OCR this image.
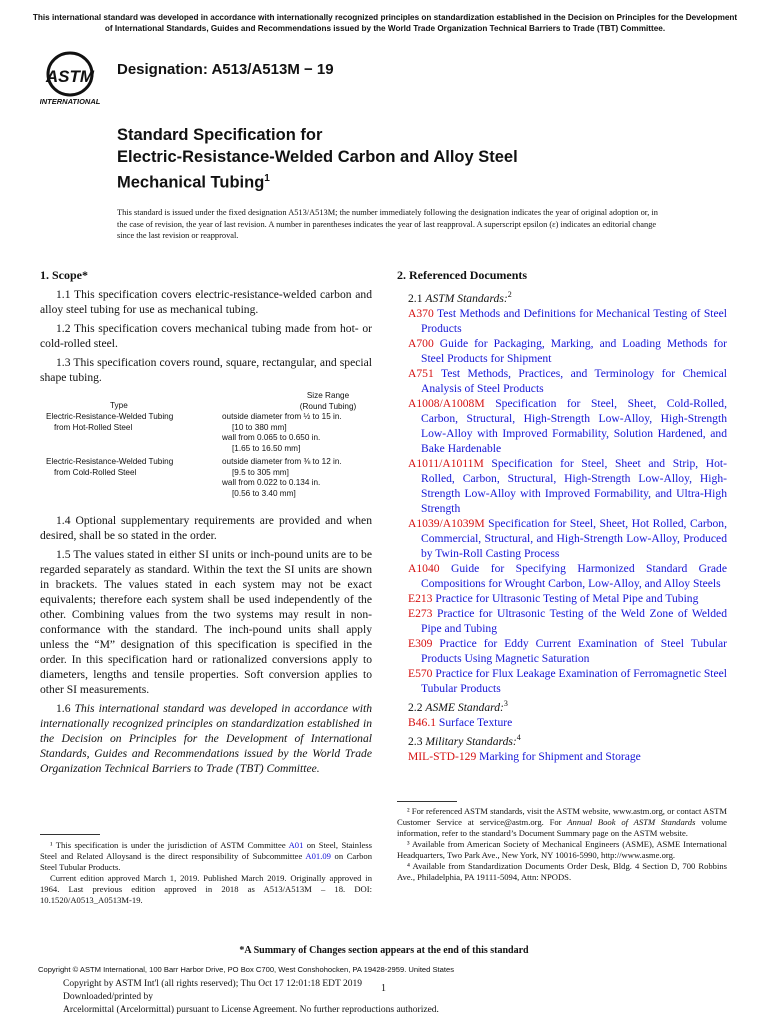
This international standard was developed in accordance with internationally recognized principles on standardization established in the Decision on Principles for the Development of International Standards, Guides and Recommendations issued by the World Trade Organization Technical Barriers to Trade (TBT) Committee.
ASTM
INTERNATIONAL
Designation: A513/A513M − 19
Standard Specification for
Electric-Resistance-Welded Carbon and Alloy Steel
Mechanical Tubing$^1$
This standard is issued under the fixed designation A513/A513M; the number immediately following the designation indicates the year of original adoption or, in the case of revision, the year of last revision. A number in parentheses indicates the year of last reapproval. A superscript epsilon (ε) indicates an editorial change since the last revision or reapproval.

1. Scope*

1.1 This specification covers electric-resistance-welded carbon and alloy steel tubing for use as mechanical tubing.

1.2 This specification covers mechanical tubing made from hot- or cold-rolled steel.

1.3 This specification covers round, square, rectangular, and special shape tubing.

Size Range
(Round Tubing)
Type
Electric-Resistance-Welded Tubing
from Hot-Rolled Steel
outside diameter from ½ to 15 in.
[10 to 380 mm]
wall from 0.065 to 0.650 in.
[1.65 to 16.50 mm]
Electric-Resistance-Welded Tubing
from Cold-Rolled Steel
outside diameter from ⅜ to 12 in.
[9.5 to 305 mm]
wall from 0.022 to 0.134 in.
[0.56 to 3.40 mm]

1.4 Optional supplementary requirements are provided and when desired, shall be so stated in the order.

1.5 The values stated in either SI units or inch-pound units are to be regarded separately as standard. Within the text the SI units are shown in brackets. The values stated in each system may not be exact equivalents; therefore each system shall be used independently of the other. Combining values from the two systems may result in non-conformance with the standard. The inch-pound units shall apply unless the “M” designation of this specification is specified in the order. In this specification hard or rationalized conversions apply to diameters, lengths and tensile properties. Soft conversion applies to other SI measurements.

1.6 This international standard was developed in accordance with internationally recognized principles on standardization established in the Decision on Principles for the Development of International Standards, Guides and Recommendations issued by the World Trade Organization Technical Barriers to Trade (TBT) Committee.

¹ This specification is under the jurisdiction of ASTM Committee A01 on Steel, Stainless Steel and Related Alloysand is the direct responsibility of Subcommittee A01.09 on Carbon Steel Tubular Products.

Current edition approved March 1, 2019. Published March 2019. Originally approved in 1964. Last previous edition approved in 2018 as A513/A513M – 18. DOI: 10.1520/A0513_A0513M-19.

2. Referenced Documents

2.1 ASTM Standards:$^2$

A370 Test Methods and Definitions for Mechanical Testing of Steel Products

A700 Guide for Packaging, Marking, and Loading Methods for Steel Products for Shipment

A751 Test Methods, Practices, and Terminology for Chemical Analysis of Steel Products

A1008/A1008M Specification for Steel, Sheet, Cold-Rolled, Carbon, Structural, High-Strength Low-Alloy, High-Strength Low-Alloy with Improved Formability, Solution Hardened, and Bake Hardenable

A1011/A1011M Specification for Steel, Sheet and Strip, Hot-Rolled, Carbon, Structural, High-Strength Low-Alloy, High-Strength Low-Alloy with Improved Formability, and Ultra-High Strength

A1039/A1039M Specification for Steel, Sheet, Hot Rolled, Carbon, Commercial, Structural, and High-Strength Low-Alloy, Produced by Twin-Roll Casting Process

A1040 Guide for Specifying Harmonized Standard Grade Compositions for Wrought Carbon, Low-Alloy, and Alloy Steels

E213 Practice for Ultrasonic Testing of Metal Pipe and Tubing

E273 Practice for Ultrasonic Testing of the Weld Zone of Welded Pipe and Tubing

E309 Practice for Eddy Current Examination of Steel Tubular Products Using Magnetic Saturation

E570 Practice for Flux Leakage Examination of Ferromagnetic Steel Tubular Products

2.2 ASME Standard:$^3$

B46.1 Surface Texture

2.3 Military Standards:$^4$

MIL-STD-129 Marking for Shipment and Storage

² For referenced ASTM standards, visit the ASTM website, www.astm.org, or contact ASTM Customer Service at service@astm.org. For Annual Book of ASTM Standards volume information, refer to the standard’s Document Summary page on the ASTM website.

³ Available from American Society of Mechanical Engineers (ASME), ASME International Headquarters, Two Park Ave., New York, NY 10016-5990, http://www.asme.org.

⁴ Available from Standardization Documents Order Desk, Bldg. 4 Section D, 700 Robbins Ave., Philadelphia, PA 19111-5094, Attn: NPODS.

*A Summary of Changes section appears at the end of this standard
Copyright © ASTM International, 100 Barr Harbor Drive, PO Box C700, West Conshohocken, PA 19428-2959. United States
Copyright by ASTM Int'l (all rights reserved); Thu Oct 17 12:01:18 EDT 2019
Downloaded/printed by
Arcelormittal (Arcelormittal) pursuant to License Agreement. No further reproductions authorized.
1
